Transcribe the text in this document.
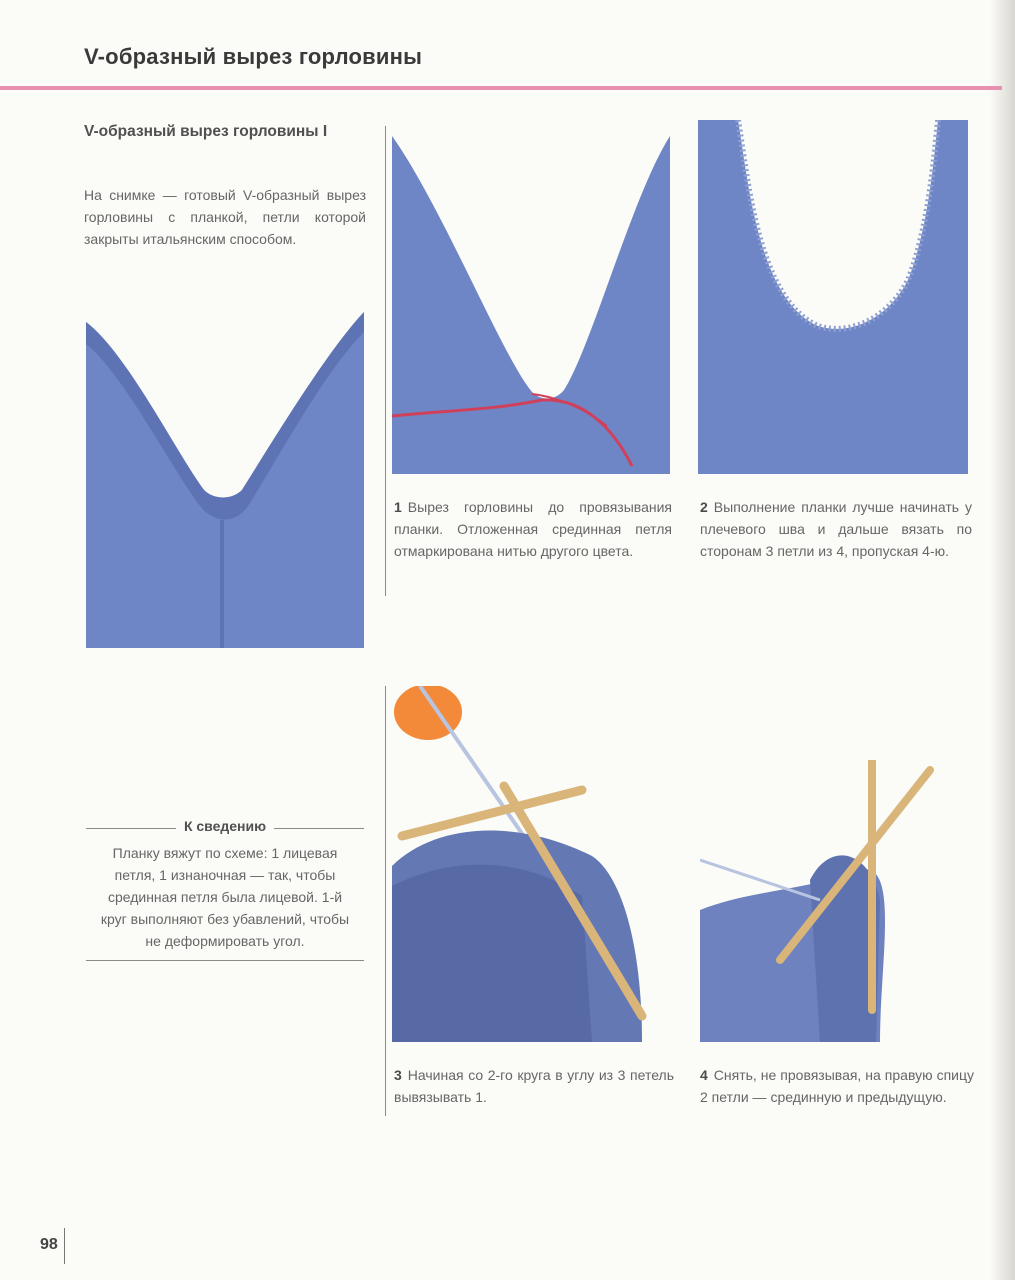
V-образный вырез горловины
V-образный вырез горловины I
На снимке — готовый V-образный вырез горловины с планкой, петли которой закрыты итальянским способом.
1 Вырез горловины до провязывания планки. Отложенная срединная петля отмаркирована нитью другого цвета.
2 Выполнение планки лучше начинать у плечевого шва и дальше вязать по сторонам 3 петли из 4, пропуская 4-ю.
3 Начиная со 2-го круга в углу из 3 петель вывязывать 1.
4 Снять, не провязывая, на правую спицу 2 петли — срединную и предыдущую.
К сведению
Планку вяжут по схеме: 1 лицевая петля, 1 изнаночная — так, чтобы срединная петля была лицевой. 1-й круг выполняют без убавлений, чтобы не деформировать угол.
98
